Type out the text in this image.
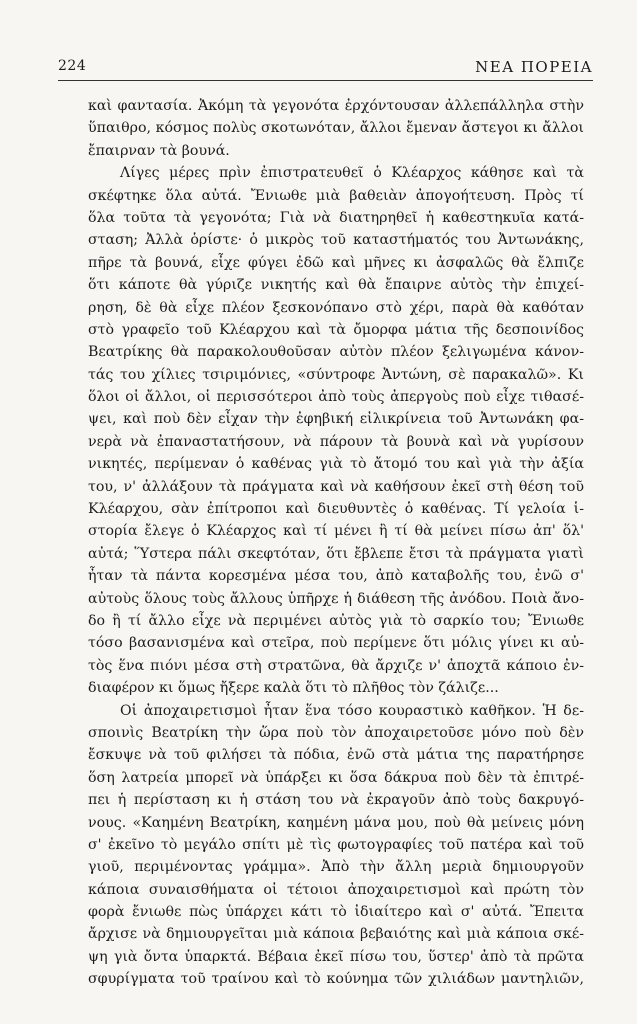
224	ΝΕΑ ΠΟΡΕΙΑ
καὶ φαντασία. Ἀκόμη τὰ γεγονότα ἐρχόντουσαν ἀλλεπάλληλα στὴν
ὕπαιθρο, κόσμος πολὺς σκοτωνόταν, ἄλλοι ἔμεναν ἄστεγοι κι ἄλλοι
ἔπαιρναν τὰ βουνά.
Λίγες μέρες πρὶν ἐπιστρατευθεῖ ὁ Κλέαρχος κάθησε καὶ τὰ
σκέφτηκε ὅλα αὐτά. Ἔνιωθε μιὰ βαθειὰν ἀπογοήτευση. Πρὸς τί
ὅλα τοῦτα τὰ γεγονότα; Γιὰ νὰ διατηρηθεῖ ἡ καθεστηκυῖα κατά-
σταση; Ἀλλὰ ὁρίστε· ὁ μικρὸς τοῦ καταστήματός του Ἀντωνάκης,
πῆρε τὰ βουνά, εἶχε φύγει ἐδῶ καὶ μῆνες κι ἀσφαλῶς θὰ ἔλπιζε
ὅτι κάποτε θὰ γύριζε νικητής καὶ θὰ ἔπαιρνε αὐτὸς τὴν ἐπιχεί-
ρηση, δὲ θὰ εἶχε πλέον ξεσκονόπανο στὸ χέρι, παρὰ θὰ καθόταν
στὸ γραφεῖο τοῦ Κλέαρχου καὶ τὰ ὄμορφα μάτια τῆς δεσποινίδος
Βεατρίκης θὰ παρακολουθοῦσαν αὐτὸν πλέον ξελιγωμένα κάνον-
τάς του χίλιες τσιριμόνιες, «σύντροφε Ἀντώνη, σὲ παρακαλῶ». Κι
ὅλοι οἱ ἄλλοι, οἱ περισσότεροι ἀπὸ τοὺς ἀπεργοὺς ποὺ εἶχε τιθασέ-
ψει, καὶ ποὺ δὲν εἶχαν τὴν ἐφηβική εἰλικρίνεια τοῦ Ἀντωνάκη φα-
νερὰ νὰ ἐπαναστατήσουν, νὰ πάρουν τὰ βουνὰ καὶ νὰ γυρίσουν
νικητές, περίμεναν ὁ καθένας γιὰ τὸ ἄτομό του καὶ γιὰ τὴν ἀξία
του, ν' ἀλλάξουν τὰ πράγματα καὶ νὰ καθήσουν ἐκεῖ στὴ θέση τοῦ
Κλέαρχου, σὰν ἐπίτροποι καὶ διευθυντὲς ὁ καθένας. Τί γελοία ἱ-
στορία ἔλεγε ὁ Κλέαρχος καὶ τί μένει ἢ τί θὰ μείνει πίσω ἀπ' ὅλ'
αὐτά; Ὕστερα πάλι σκεφτόταν, ὅτι ἔβλεπε ἔτσι τὰ πράγματα γιατὶ
ἦταν τὰ πάντα κορεσμένα μέσα του, ἀπὸ καταβολῆς του, ἐνῶ σ'
αὐτοὺς ὅλους τοὺς ἄλλους ὑπῆρχε ἡ διάθεση τῆς ἀνόδου. Ποιὰ ἄνο-
δο ἢ τί ἄλλο εἶχε νὰ περιμένει αὐτὸς γιὰ τὸ σαρκίο του; Ἔνιωθε
τόσο βασανισμένα καὶ στεῖρα, ποὺ περίμενε ὅτι μόλις γίνει κι αὐ-
τὸς ἕνα πιόνι μέσα στὴ στρατῶνα, θὰ ἄρχιζε ν' ἀποχτᾶ κάποιο ἐν-
διαφέρον κι ὅμως ἤξερε καλὰ ὅτι τὸ πλῆθος τὸν ζάλιζε...
Οἱ ἀποχαιρετισμοὶ ἦταν ἕνα τόσο κουραστικὸ καθῆκον. Ἡ δε-
σποινὶς Βεατρίκη τὴν ὥρα ποὺ τὸν ἀποχαιρετοῦσε μόνο ποὺ δὲν
ἔσκυψε νὰ τοῦ φιλήσει τὰ πόδια, ἐνῶ στὰ μάτια της παρατήρησε
ὅση λατρεία μπορεῖ νὰ ὑπάρξει κι ὅσα δάκρυα ποὺ δὲν τὰ ἐπιτρέ-
πει ἡ περίσταση κι ἡ στάση του νὰ ἐκραγοῦν ἀπὸ τοὺς δακρυγό-
νους. «Καημένη Βεατρίκη, καημένη μάνα μου, ποὺ θὰ μείνεις μόνη
σ' ἐκεῖνο τὸ μεγάλο σπίτι μὲ τὶς φωτογραφίες τοῦ πατέρα καὶ τοῦ
γιοῦ, περιμένοντας γράμμα». Ἀπὸ τὴν ἄλλη μεριὰ δημιουργοῦν
κάποια συναισθήματα οἱ τέτοιοι ἀποχαιρετισμοὶ καὶ πρώτη τὸν
φορὰ ἔνιωθε πὼς ὑπάρχει κάτι τὸ ἰδιαίτερο καὶ σ' αὐτά. Ἔπειτα
ἄρχισε νὰ δημιουργεῖται μιὰ κάποια βεβαιότης καὶ μιὰ κάποια σκέ-
ψη γιὰ ὄντα ὑπαρκτά. Βέβαια ἐκεῖ πίσω του, ὕστερ' ἀπὸ τὰ πρῶτα
σφυρίγματα τοῦ τραίνου καὶ τὸ κούνημα τῶν χιλιάδων μαντηλιῶν,
